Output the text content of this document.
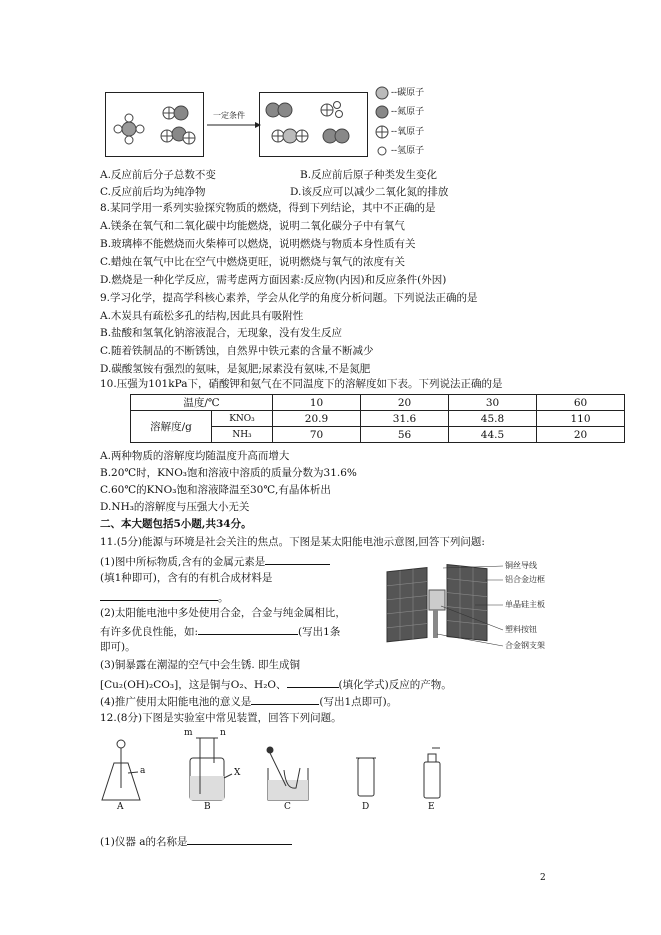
一定条件
--碳原子
--氮原子
--氧原子
--氢原子
A.反应前后分子总数不变	B.反应前后原子种类发生变化
C.反应前后均为纯净物	D.该反应可以减少二氧化氮的排放
8.某同学用一系列实验探究物质的燃烧，得到下列结论，其中不正确的是
A.镁条在氧气和二氧化碳中均能燃烧，说明二氧化碳分子中有氧气
B.玻璃棒不能燃烧而火柴棒可以燃烧，说明燃烧与物质本身性质有关
C.蜡烛在氧气中比在空气中燃烧更旺，说明燃烧与氧气的浓度有关
D.燃烧是一种化学反应，需考虑两方面因素:反应物(内因)和反应条件(外因)
9.学习化学，提高学科核心素养，学会从化学的角度分析问题。下列说法正确的是
A.木炭具有疏松多孔的结构,因此具有吸附性
B.盐酸和氢氧化钠溶液混合，无现象，没有发生反应
C.随着铁制品的不断锈蚀，自然界中铁元素的含量不断减少
D.碳酸氢铵有强烈的氨味，是氮肥;尿素没有氨味,不是氮肥
10.压强为101kPa下，硝酸钾和氨气在不同温度下的溶解度如下表。下列说法正确的是
温度/℃		10	20	30	60
溶解度/g	KNO₃	20.9	31.6	45.8	110
	NH₃	70	56	44.5	20
A.两种物质的溶解度均随温度升高而增大
B.20℃时，KNO₃饱和溶液中溶质的质量分数为31.6%
C.60℃的KNO₃饱和溶液降温至30℃,有晶体析出
D.NH₃的溶解度与压强大小无关
二、本大题包括5小题,共34分。
11.(5分)能源与环境是社会关注的焦点。下图是某太阳能电池示意图,回答下列问题:
(1)图中所标物质,含有的金属元素是
(填1种即可)，含有的有机合成材料是
。
(2)太阳能电池中多处使用合金，合金与纯金属相比，
有许多优良性能，如:	(写出1条
即可)。
(3)铜暴露在潮湿的空气中会生锈. 即生成铜
[Cu₂(OH)₂CO₃]，这是铜与O₂、H₂O、	(填化学式)反应的产物。
(4)推广使用太阳能电池的意义是	(写出1点即可)。
铜丝导线
铝合金边框
单晶硅主板
塑料按钮
合金钢支架
12.(8分)下图是实验室中常见装置，回答下列问题。
A	B	C	D	E
a
m	n
X
(1)仪器 a的名称是
2
